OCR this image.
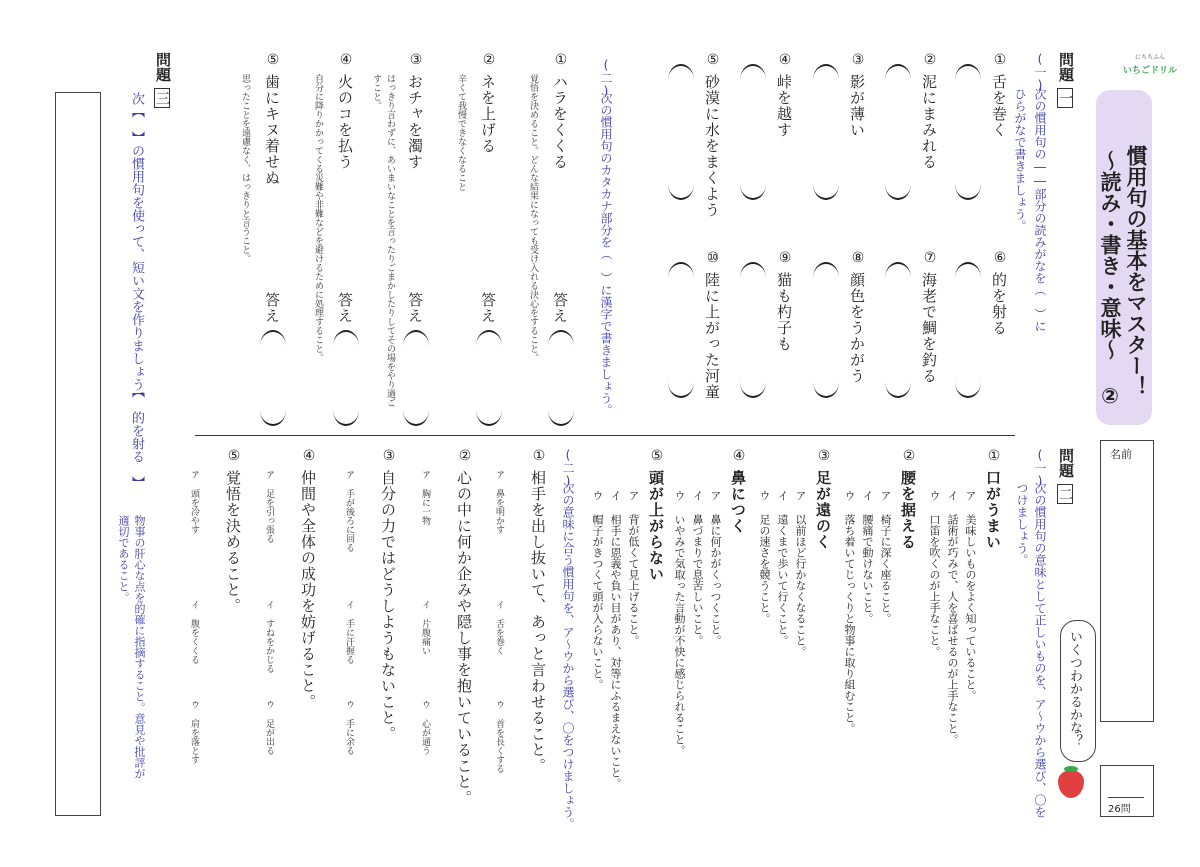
にちちふん
いちごドリル
慣用句の基本をマスター！
〜読み・書き・意味〜 ②
名前
26問
いくつわかるかな？
問題
一
(一)
次の慣用句の――部分の読みがなを（　）に
ひらがなで書きましょう。
①
舌を巻く
②
泥にまみれる
③
影が薄い
④
峠を越す
⑤
砂漠に水をまくよう
⑥
的を射る
⑦
海老で鯛を釣る
⑧
顔色をうかがう
⑨
猫も杓子も
⑩
陸に上がった河童
(二)
次の慣用句のカタカナ部分を（　）に漢字で書きましょう。
①
ハラをくくる
覚悟を決めること。どんな結果になっても受け入れる決心をすること。 答え
②
ネを上げる
辛くて我慢できなくなること
答え
③
おチャを濁す
はっきり言わずに、あいまいなことを言ったりごまかしたりしてその場をやり過ご
すこと。
答え
④
火のコを払う
自分に降りかかってくる災難や非難などを避けるために処理すること。 答え
⑤
歯にキヌ着せぬ
思ったことを遠慮なく、はっきりと言うこと。
答え
問題
二
(一)
次の慣用句の意味として正しいものを、ア〜ウから選び、〇を
つけましょう。
①
口がうまい
ア 美味しいものをよく知っていること。
イ 話術が巧みで、人を喜ばせるのが上手なこと。
ウ 口笛を吹くのが上手なこと。
②
腰を据える
ア 椅子に深く座ること。
イ 腰痛で動けないこと。
ウ 落ち着いてじっくりと物事に取り組むこと。
③
足が遠のく
ア 以前ほど行かなくなること。
イ 遠くまで歩いて行くこと。
ウ 足の速さを競うこと。
④
鼻につく
ア 鼻に何かがくっつくこと。
イ 鼻づまりで息苦しいこと。
ウ いやみで気取った言動が不快に感じられること。
⑤
頭が上がらない
ア 背が低くて見上げること。
イ 相手に恩義や負い目があり、対等にふるまえないこと。
ウ 帽子がきつくて頭が入らないこと。
(二)
次の意味に合う慣用句を、ア〜ウから選び、〇をつけましょう。
①
相手を出し抜いて、あっと言わせること。
ア 鼻を明かす
イ 舌を巻く
ウ 首を長くする
②
心の中に何か企みや隠し事を抱いていること。
ア 胸に一物
イ 片腹痛い
ウ 心が通う
③
自分の力ではどうしようもないこと。
ア 手が後ろに回る
イ 手に汗握る
ウ 手に余る
④
仲間や全体の成功を妨げること。
ア 足を引っ張る
イ すねをかじる
ウ 足が出る
⑤
覚悟を決めること。
ア 頭を冷やす
イ 腹をくくる
ウ 肩を落とす
問題
三
次【　】の慣用句を使って、短い文を作りましょう。
【　的を射る　】
物事の肝心な点を的確に指摘すること。意見や批評が
適切であること。
